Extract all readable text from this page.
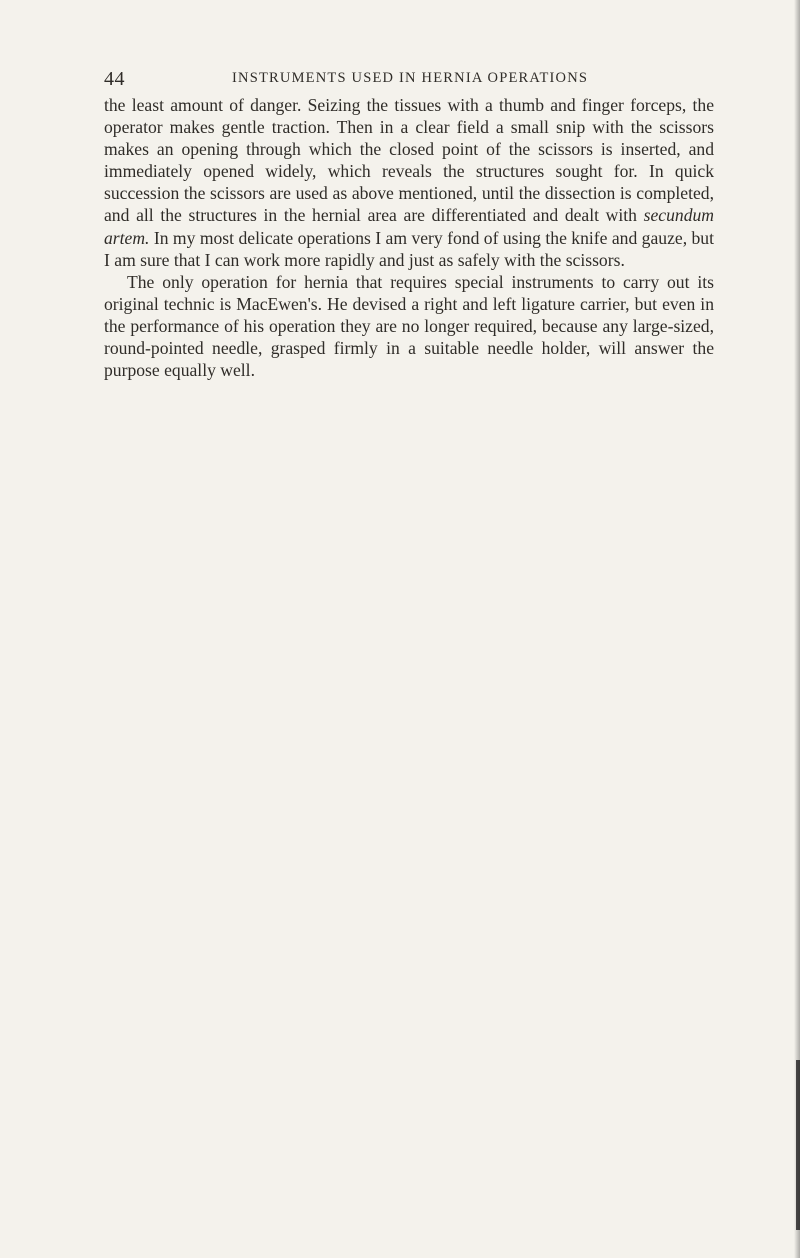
44	INSTRUMENTS USED IN HERNIA OPERATIONS

the least amount of danger. Seizing the tissues with a thumb and finger forceps, the operator makes gentle traction. Then in a clear field a small snip with the scissors makes an opening through which the closed point of the scissors is inserted, and immediately opened widely, which reveals the structures sought for. In quick succession the scissors are used as above mentioned, until the dissection is completed, and all the structures in the hernial area are differentiated and dealt with secundum artem. In my most delicate operations I am very fond of using the knife and gauze, but I am sure that I can work more rapidly and just as safely with the scissors.

The only operation for hernia that requires special instruments to carry out its original technic is MacEwen's. He devised a right and left ligature carrier, but even in the performance of his operation they are no longer required, because any large-sized, round-pointed needle, grasped firmly in a suitable needle holder, will answer the purpose equally well.
